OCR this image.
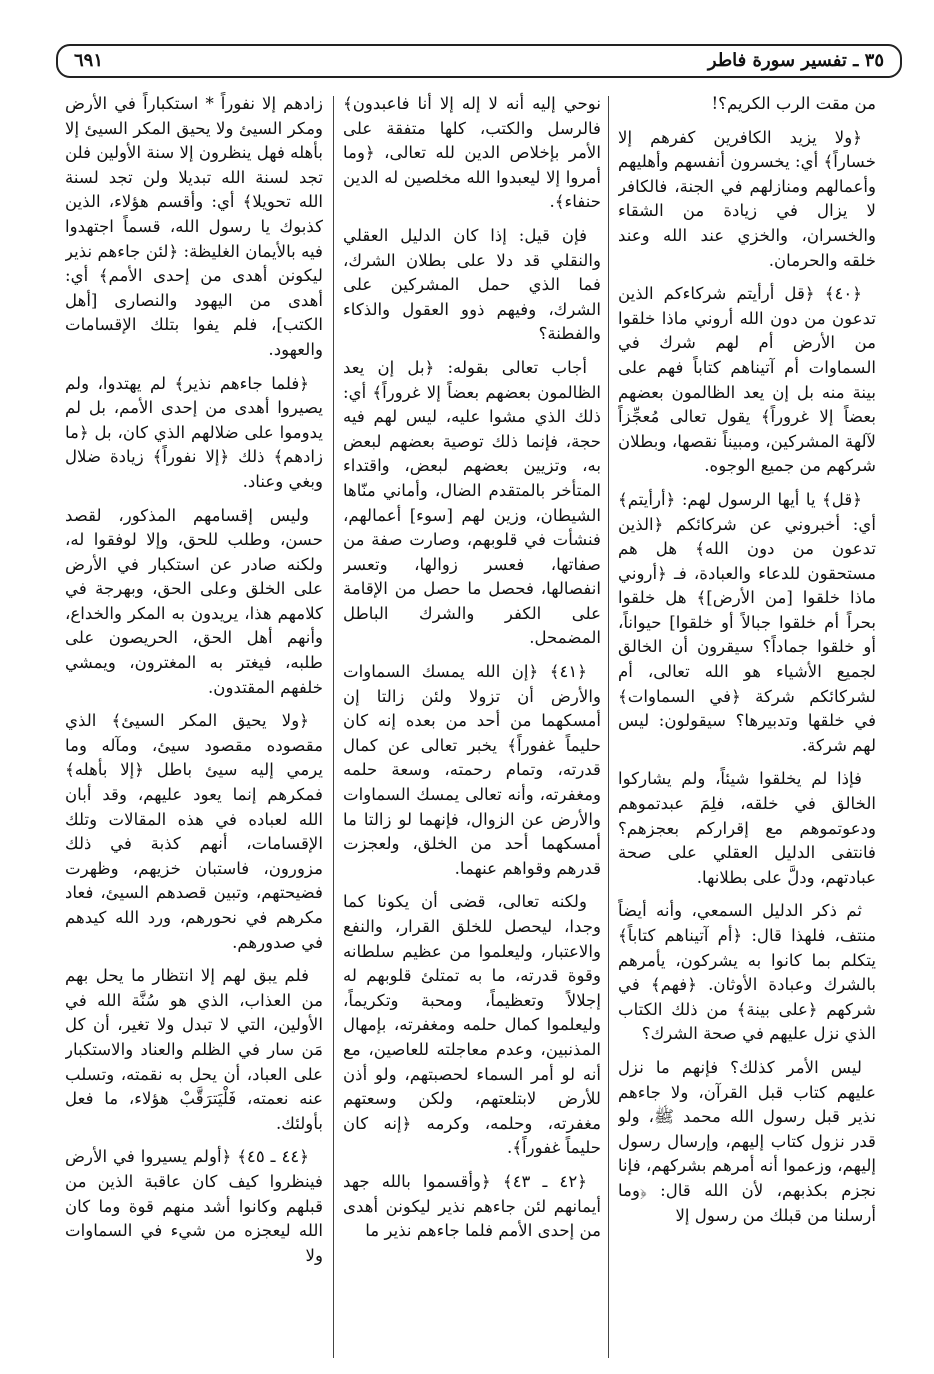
٣٥ ـ تفسير سورة فاطر
٦٩١

من مقت الرب الكريم؟!

﴿ولا يزيد الكافرين كفرهم إلا خساراً﴾ أي: يخسرون أنفسهم وأهليهم وأعمالهم ومنازلهم في الجنة، فالكافر لا يزال في زيادة من الشقاء والخسران، والخزي عند الله وعند خلقه والحرمان.

﴿٤٠﴾ ﴿قل أرأيتم شركاءكم الذين تدعون من دون الله أروني ماذا خلقوا من الأرض أم لهم شرك في السماوات أم آتيناهم كتاباً فهم على بينة منه بل إن يعد الظالمون بعضهم بعضاً إلا غروراً﴾ يقول تعالى مُعجِّزاً لآلهة المشركين، ومبيناً نقصها، وبطلان شركهم من جميع الوجوه.

﴿قل﴾ يا أيها الرسول لهم: ﴿أرأيتم﴾ أي: أخبروني عن شركائكم ﴿الذين تدعون من دون الله﴾ هل هم مستحقون للدعاء والعبادة، فـ ﴿أروني ماذا خلقوا [من الأرض]﴾ هل خلقوا بحراً أم خلقوا جبالاً أو خلقوا] حيواناً، أو خلقوا جماداً؟ سيقرون أن الخالق لجميع الأشياء هو الله تعالى، أم لشركائكم شركة ﴿في السماوات﴾ في خلقها وتدبيرها؟ سيقولون: ليس لهم شركة.

فإذا لم يخلقوا شيئاً، ولم يشاركوا الخالق في خلقه، فلِمَ عبدتموهم ودعوتموهم مع إقراركم بعجزهم؟ فانتفى الدليل العقلي على صحة عبادتهم، ودلَّ على بطلانها.

ثم ذكر الدليل السمعي، وأنه أيضاً منتف، فلهذا قال: ﴿أم آتيناهم كتاباً﴾ يتكلم بما كانوا به يشركون، يأمرهم بالشرك وعبادة الأوثان. ﴿فهم﴾ في شركهم ﴿على بينة﴾ من ذلك الكتاب الذي نزل عليهم في صحة الشرك؟

ليس الأمر كذلك؟ فإنهم ما نزل عليهم كتاب قبل القرآن، ولا جاءهم نذير قبل رسول الله محمد ﷺ، ولو قدر نزول كتاب إليهم، وإرسال رسول إليهم، وزعموا أنه أمرهم بشركهم، فإنا نجزم بكذبهم، لأن الله قال: ﴿وما أرسلنا من قبلك من رسول إلا

نوحي إليه أنه لا إله إلا أنا فاعبدون﴾ فالرسل والكتب، كلها متفقة على الأمر بإخلاص الدين لله تعالى، ﴿وما أمروا إلا ليعبدوا الله مخلصين له الدين حنفاء﴾.

فإن قيل: إذا كان الدليل العقلي والنقلي قد دلا على بطلان الشرك، فما الذي حمل المشركين على الشرك، وفيهم ذوو العقول والذكاء والفطنة؟

أجاب تعالى بقوله: ﴿بل إن يعد الظالمون بعضهم بعضاً إلا غروراً﴾ أي: ذلك الذي مشوا عليه، ليس لهم فيه حجة، فإنما ذلك توصية بعضهم لبعض به، وتزيين بعضهم لبعض، واقتداء المتأخر بالمتقدم الضال، وأماني منّاها الشيطان، وزين لهم [سوء] أعمالهم، فنشأت في قلوبهم، وصارت صفة من صفاتها، فعسر زوالها، وتعسر انفصالها، فحصل ما حصل من الإقامة على الكفر والشرك الباطل المضمحل.

﴿٤١﴾ ﴿إن الله يمسك السماوات والأرض أن تزولا ولئن زالتا إن أمسكهما من أحد من بعده إنه كان حليماً غفوراً﴾ يخبر تعالى عن كمال قدرته، وتمام رحمته، وسعة حلمه ومغفرته، وأنه تعالى يمسك السماوات والأرض عن الزوال، فإنهما لو زالتا ما أمسكهما أحد من الخلق، ولعجزت قدرهم وقواهم عنهما.

ولكنه تعالى، قضى أن يكونا كما وجدا، ليحصل للخلق القرار، والنفع والاعتبار، وليعلموا من عظيم سلطانه وقوة قدرته، ما به تمتلئ قلوبهم له إجلالاً وتعظيماً، ومحبة وتكريماً، وليعلموا كمال حلمه ومغفرته، بإمهال المذنبين، وعدم معاجلته للعاصين، مع أنه لو أمر السماء لحصبتهم، ولو أذن للأرض لابتلعتهم، ولكن وسعتهم مغفرته، وحلمه، وكرمه ﴿إنه كان حليماً غفوراً﴾.

﴿٤٢ ـ ٤٣﴾ ﴿وأقسموا بالله جهد أيمانهم لئن جاءهم نذير ليكونن أهدى من إحدى الأمم فلما جاءهم نذير ما

زادهم إلا نفوراً * استكباراً في الأرض ومكر السيئ ولا يحيق المكر السيئ إلا بأهله فهل ينظرون إلا سنة الأولين فلن تجد لسنة الله تبديلا ولن تجد لسنة الله تحويلا﴾ أي: وأقسم هؤلاء، الذين كذبوك يا رسول الله، قسماً اجتهدوا فيه بالأيمان الغليظة: ﴿لئن جاءهم نذير ليكونن أهدى من إحدى الأمم﴾ أي: أهدى من اليهود والنصارى [أهل الكتب]، فلم يفوا بتلك الإقسامات والعهود.

﴿فلما جاءهم نذير﴾ لم يهتدوا، ولم يصيروا أهدى من إحدى الأمم، بل لم يدوموا على ضلالهم الذي كان، بل ﴿ما زادهم﴾ ذلك ﴿إلا نفوراً﴾ زيادة ضلال وبغي وعناد.

وليس إقسامهم المذكور، لقصد حسن، وطلب للحق، وإلا لوفقوا له، ولكنه صادر عن استكبار في الأرض على الخلق وعلى الحق، وبهرجة في كلامهم هذا، يريدون به المكر والخداع، وأنهم أهل الحق، الحريصون على طلبه، فيغتر به المغترون، ويمشي خلفهم المقتدون.

﴿ولا يحيق المكر السيئ﴾ الذي مقصوده مقصود سيئ، ومآله وما يرمي إليه سيئ باطل ﴿إلا بأهله﴾ فمكرهم إنما يعود عليهم، وقد أبان الله لعباده في هذه المقالات وتلك الإقسامات، أنهم كذبة في ذلك مزورون، فاستبان خزيهم، وظهرت فضيحتهم، وتبين قصدهم السيئ، فعاد مكرهم في نحورهم، ورد الله كيدهم في صدورهم.

فلم يبق لهم إلا انتظار ما يحل بهم من العذاب، الذي هو سُنَّة الله في الأولين، التي لا تبدل ولا تغير، أن كل مَن سار في الظلم والعناد والاستكبار على العباد، أن يحل به نقمته، وتسلب عنه نعمته، فَلْيَترَقَّبْ هؤلاء، ما فعل بأولئك.

﴿٤٤ ـ ٤٥﴾ ﴿أولم يسيروا في الأرض فينظروا كيف كان عاقبة الذين من قبلهم وكانوا أشد منهم قوة وما كان الله ليعجزه من شيء في السماوات ولا
